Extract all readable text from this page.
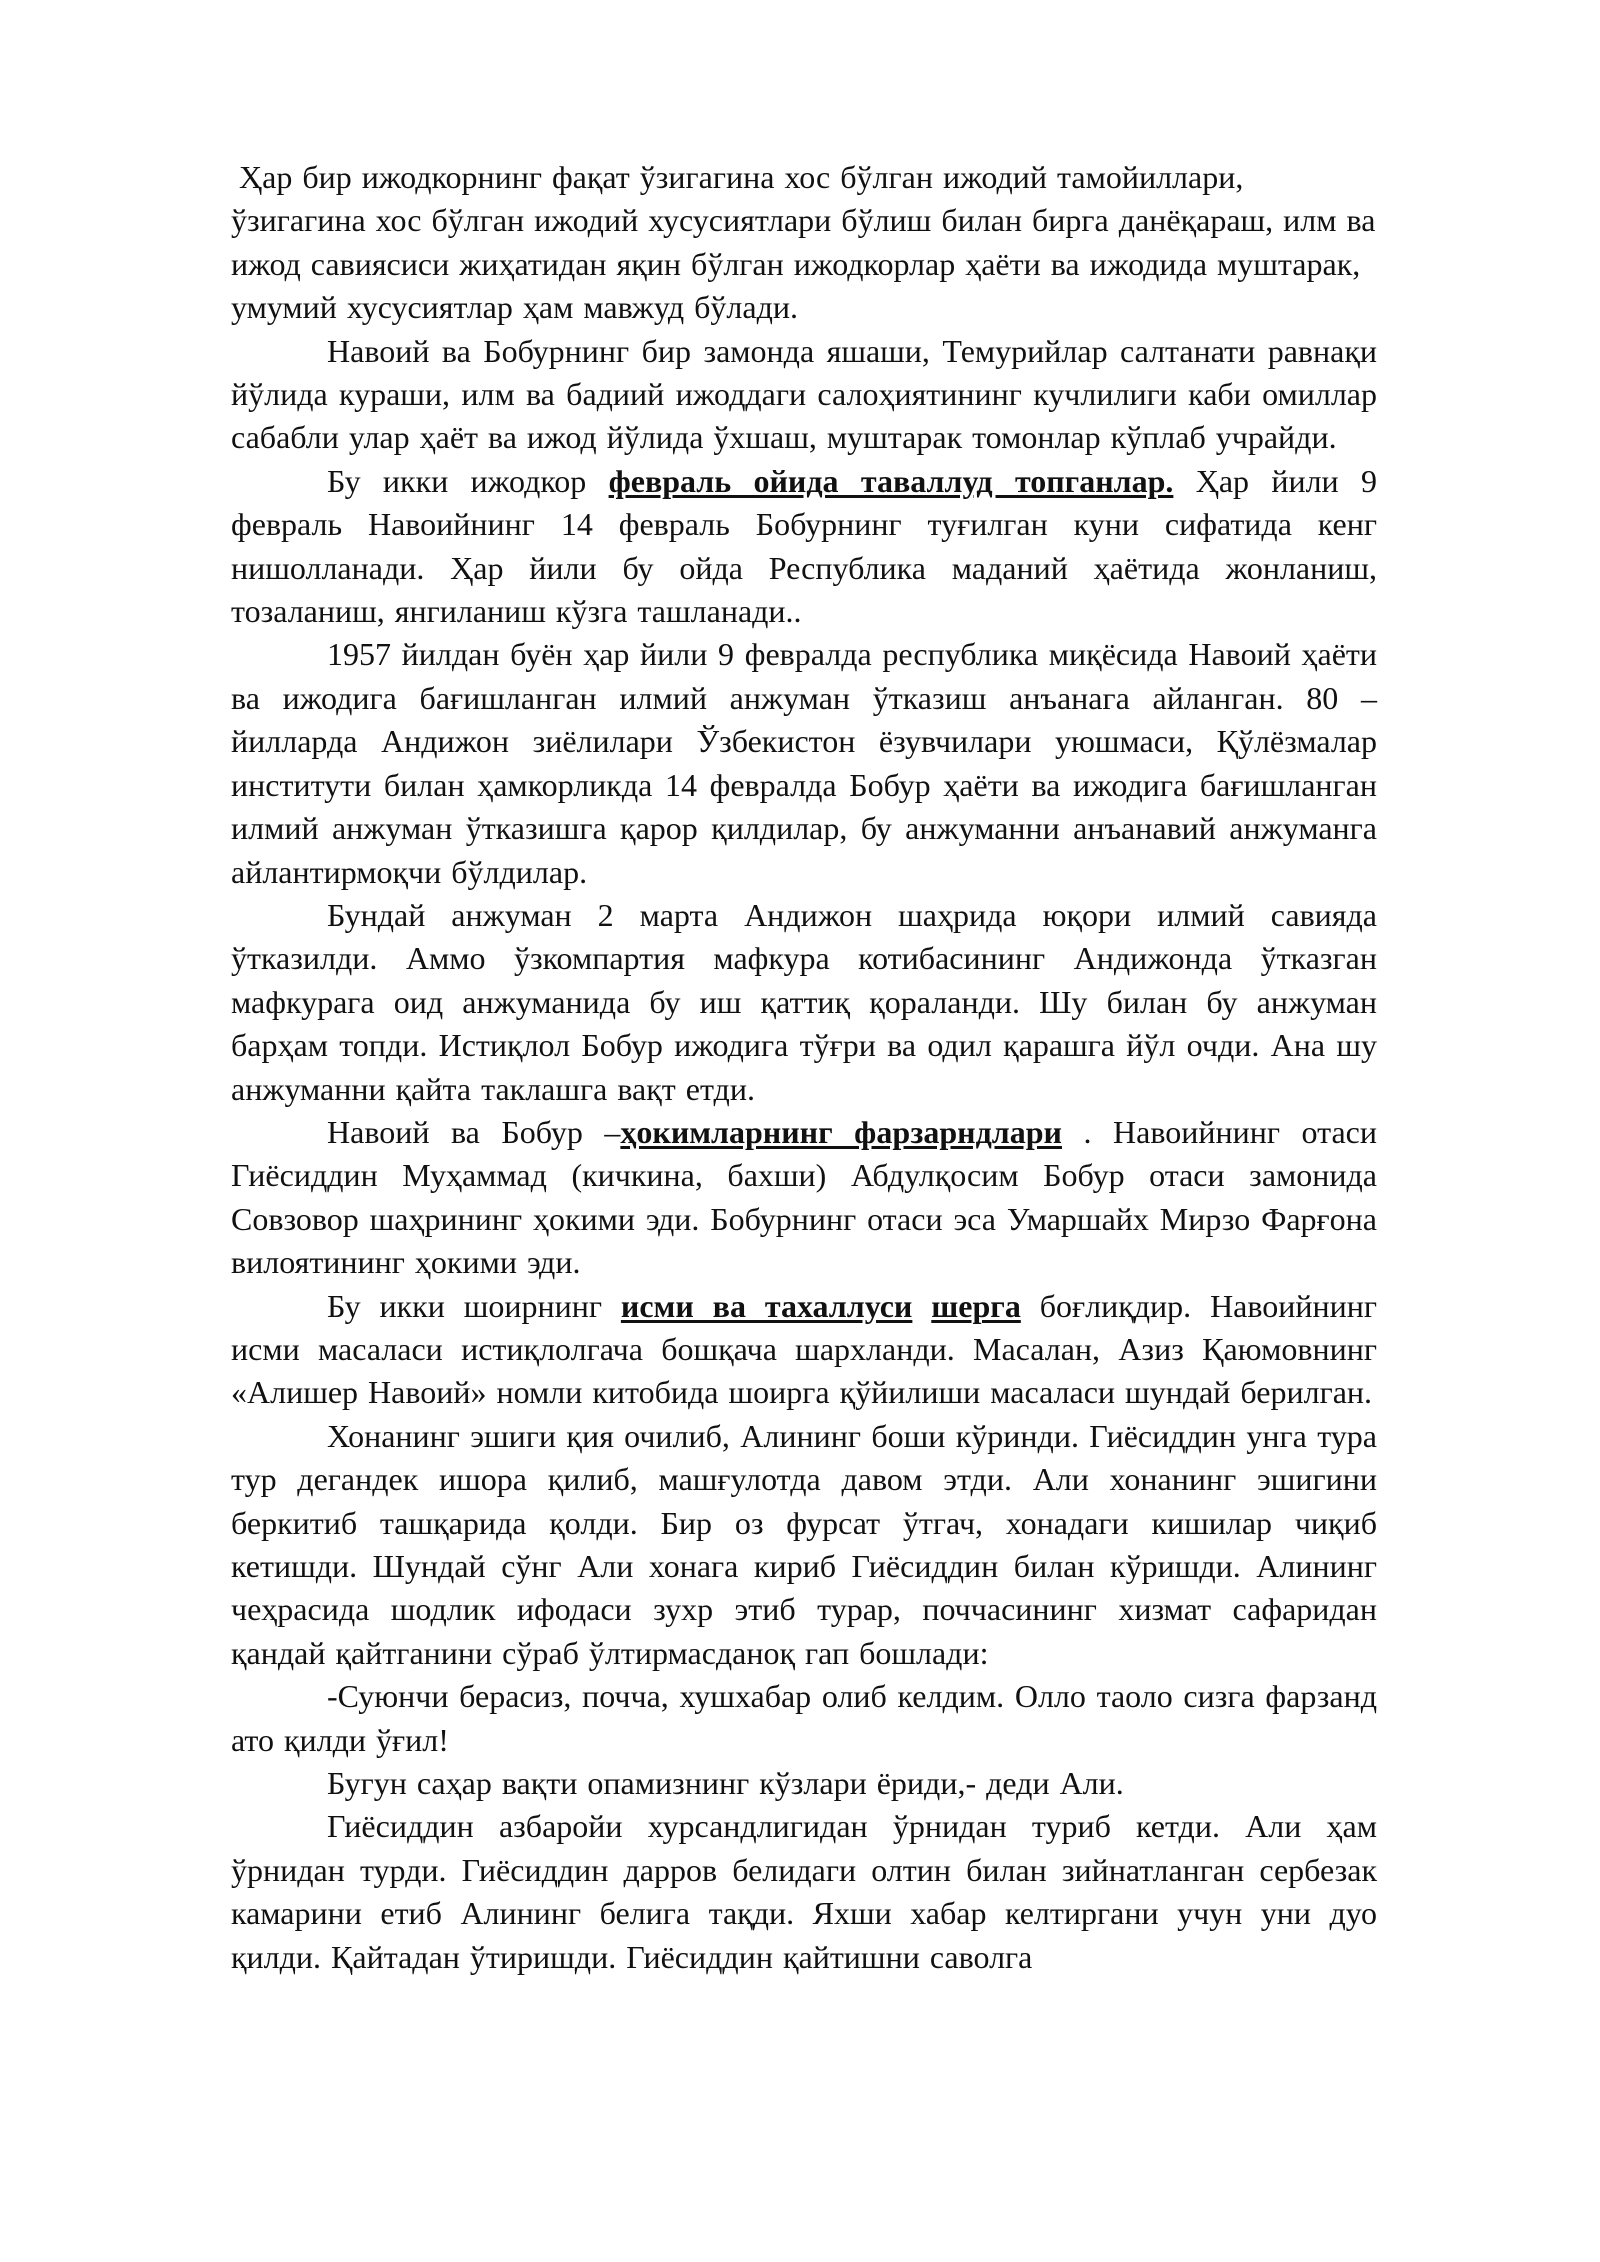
Ҳар бир ижодкорнинг фақат ўзигагина хос бўлган ижодий тамойиллари, ўзигагина хос бўлган ижодий хусусиятлари бўлиш билан бирга данёқараш, илм ва ижод савиясиси жиҳатидан яқин бўлган ижодкорлар ҳаёти ва ижодида муштарак, умумий хусусиятлар ҳам мавжуд бўлади.

Навоий ва Бобурнинг бир замонда яшаши, Темурийлар салтанати равнақи йўлида кураши, илм ва бадиий ижоддаги салоҳиятининг кучлилиги каби омиллар сабабли улар ҳаёт ва ижод йўлида ўхшаш, муштарак томонлар кўплаб учрайди.

Бу икки ижодкор февраль ойида таваллуд топганлар. Ҳар йили 9 февраль Навоийнинг 14 февраль Бобурнинг туғилган куни сифатида кенг нишолланади. Ҳар йили бу ойда Республика маданий ҳаётида жонланиш, тозаланиш, янгиланиш кўзга ташланади..

1957 йилдан буён ҳар йили 9 февралда республика миқёсида Навоий ҳаёти ва ижодига бағишланган илмий анжуман ўтказиш анъанага айланган. 80 –йилларда Андижон зиёлилари Ўзбекистон ёзувчилари уюшмаси, Қўлёзмалар институти билан ҳамкорликда 14 февралда Бобур ҳаёти ва ижодига бағишланган илмий анжуман ўтказишга қарор қилдилар, бу анжуманни анъанавий анжуманга айлантирмоқчи бўлдилар.

Бундай анжуман 2 марта Андижон шаҳрида юқори илмий савияда ўтказилди. Аммо ўзкомпартия мафкура котибасининг Андижонда ўтказган мафкурага оид анжуманида бу иш қаттиқ қораланди. Шу билан бу анжуман барҳам топди. Истиқлол Бобур ижодига тўғри ва одил қарашга йўл очди. Ана шу анжуманни қайта таклашга вақт етди.

Навоий ва Бобур –ҳокимларнинг фарзарндлари . Навоийнинг отаси Гиёсиддин Муҳаммад (кичкина, бахши) Абдулқосим Бобур отаси замонида Совзовор шаҳрининг ҳокими эди. Бобурнинг отаси эса Умаршайх Мирзо Фарғона вилоятининг ҳокими эди.

Бу икки шоирнинг исми ва тахаллуси шерга боғлиқдир. Навоийнинг исми масаласи истиқлолгача бошқача шархланди. Масалан, Азиз Қаюмовнинг «Алишер Навоий» номли китобида шоирга қўйилиши масаласи шундай берилган.

Хонанинг эшиги қия очилиб, Алининг боши кўринди. Гиёсиддин унга тура тур дегандек ишора қилиб, машғулотда давом этди. Али хонанинг эшигини беркитиб ташқарида қолди. Бир оз фурсат ўтгач, хонадаги кишилар чиқиб кетишди. Шундай сўнг Али хонага кириб Гиёсиддин билан кўришди. Алининг чеҳрасида шодлик ифодаси зухр этиб турар, поччасининг хизмат сафаридан қандай қайтганини сўраб ўлтирмасданоқ гап бошлади:

-Суюнчи берасиз, почча, хушхабар олиб келдим. Олло таоло сизга фарзанд ато қилди ўғил!

Бугун саҳар вақти опамизнинг кўзлари ёриди,- деди Али.

Гиёсиддин азбаройи хурсандлигидан ўрнидан туриб кетди. Али ҳам ўрнидан турди. Гиёсиддин дарров белидаги олтин билан зийнатланган сербезак камарини етиб Алининг белига тақди. Яхши хабар келтиргани учун уни дуо қилди. Қайтадан ўтиришди. Гиёсиддин қайтишни саволга
